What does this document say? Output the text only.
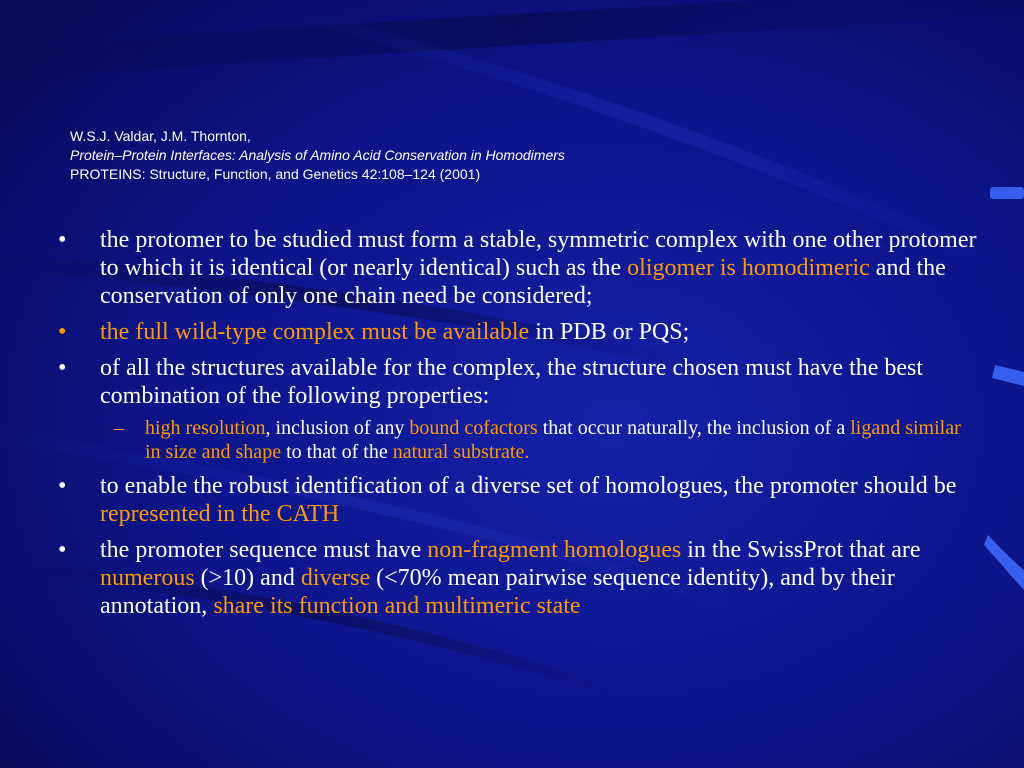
W.S.J. Valdar, J.M. Thornton,
Protein–Protein Interfaces: Analysis of Amino Acid Conservation in Homodimers
PROTEINS: Structure, Function, and Genetics 42:108–124 (2001)
• the protomer to be studied must form a stable, symmetric complex with one other protomer to which it is identical (or nearly identical) such as the oligomer is homodimeric and the conservation of only one chain need be considered;
• the full wild-type complex must be available in PDB or PQS;
• of all the structures available for the complex, the structure chosen must have the best combination of the following properties:
– high resolution, inclusion of any bound cofactors that occur naturally, the inclusion of a ligand similar in size and shape to that of the natural substrate.
• to enable the robust identification of a diverse set of homologues, the promoter should be represented in the CATH
• the promoter sequence must have non-fragment homologues in the SwissProt that are numerous (>10) and diverse (<70% mean pairwise sequence identity), and by their annotation, share its function and multimeric state
